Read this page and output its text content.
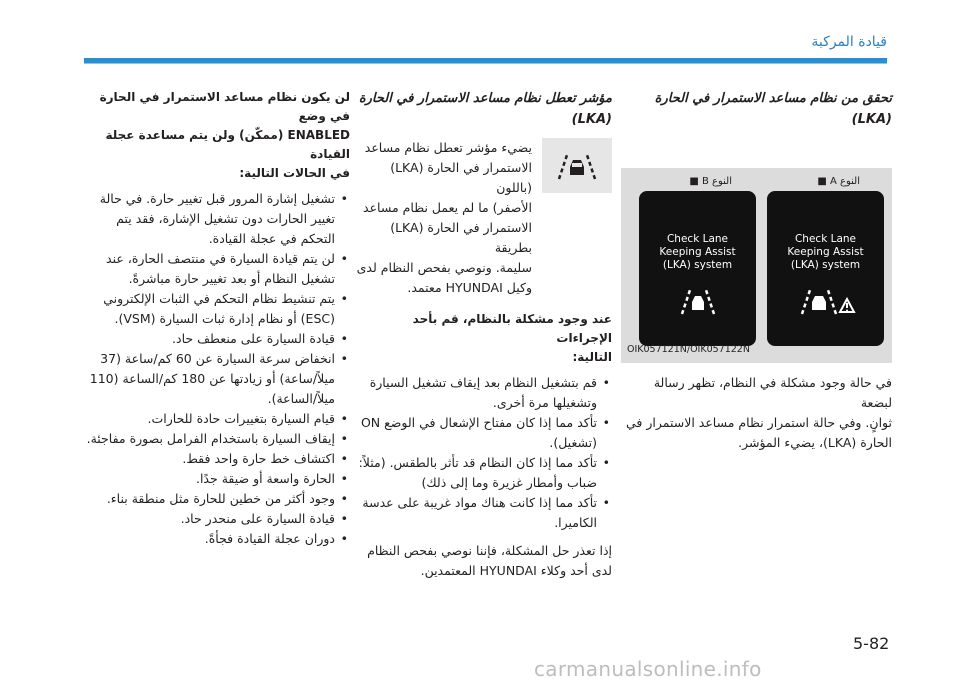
قيادة المركبة
تحقق من نظام مساعد الاستمرار في الحارة
(LKA)
النوع A ■
النوع B ■
Check Lane
Keeping Assist
(LKA) system
Check Lane
Keeping Assist
(LKA) system
OIK057121N/OIK057122N

في حالة وجود مشكلة في النظام، تظهر رسالة لبضعة
ثوانٍ. وفي حالة استمرار نظام مساعد الاستمرار في
الحارة (LKA)، يضيء المؤشر.

مؤشر تعطل نظام مساعد الاستمرار في الحارة
(LKA)

يضيء مؤشر تعطل نظام مساعد
الاستمرار في الحارة (LKA) (باللون
الأصفر) ما لم يعمل نظام مساعد
الاستمرار في الحارة (LKA) بطريقة
سليمة. ونوصي بفحص النظام لدى
وكيل HYUNDAI معتمد.

عند وجود مشكلة بالنظام، قم بأحد الإجراءات
التالية:
• قم بتشغيل النظام بعد إيقاف تشغيل السيارة وتشغيلها مرة أخرى.
• تأكد مما إذا كان مفتاح الإشعال في الوضع ON (تشغيل).
• تأكد مما إذا كان النظام قد تأثر بالطقس. (مثلاً: ضباب وأمطار غزيرة وما إلى ذلك)
• تأكد مما إذا كانت هناك مواد غريبة على عدسة الكاميرا.

إذا تعذر حل المشكلة، فإننا نوصي بفحص النظام
لدى أحد وكلاء HYUNDAI المعتمدين.

لن يكون نظام مساعد الاستمرار في الحارة في وضع
ENABLED (ممكّن) ولن يتم مساعدة عجلة القيادة
في الحالات التالية:
• تشغيل إشارة المرور قبل تغيير حارة. في حالة تغيير الحارات دون تشغيل الإشارة، فقد يتم التحكم في عجلة القيادة.
• لن يتم قيادة السيارة في منتصف الحارة، عند تشغيل النظام أو بعد تغيير حارة مباشرةً.
• يتم تنشيط نظام التحكم في الثبات الإلكتروني (ESC) أو نظام إدارة ثبات السيارة (VSM).
• قيادة السيارة على منعطف حاد.
• انخفاض سرعة السيارة عن 60 كم/ساعة (37 ميلاً/ساعة) أو زيادتها عن 180 كم/الساعة (110 ميلاً/الساعة).
• قيام السيارة بتغييرات حادة للحارات.
• إيقاف السيارة باستخدام الفرامل بصورة مفاجئة.
• اكتشاف خط حارة واحد فقط.
• الحارة واسعة أو ضيقة جدًا.
• وجود أكثر من خطين للحارة مثل منطقة بناء.
• قيادة السيارة على منحدر حاد.
• دوران عجلة القيادة فجأةً.
5-82
carmanualsonline.info
